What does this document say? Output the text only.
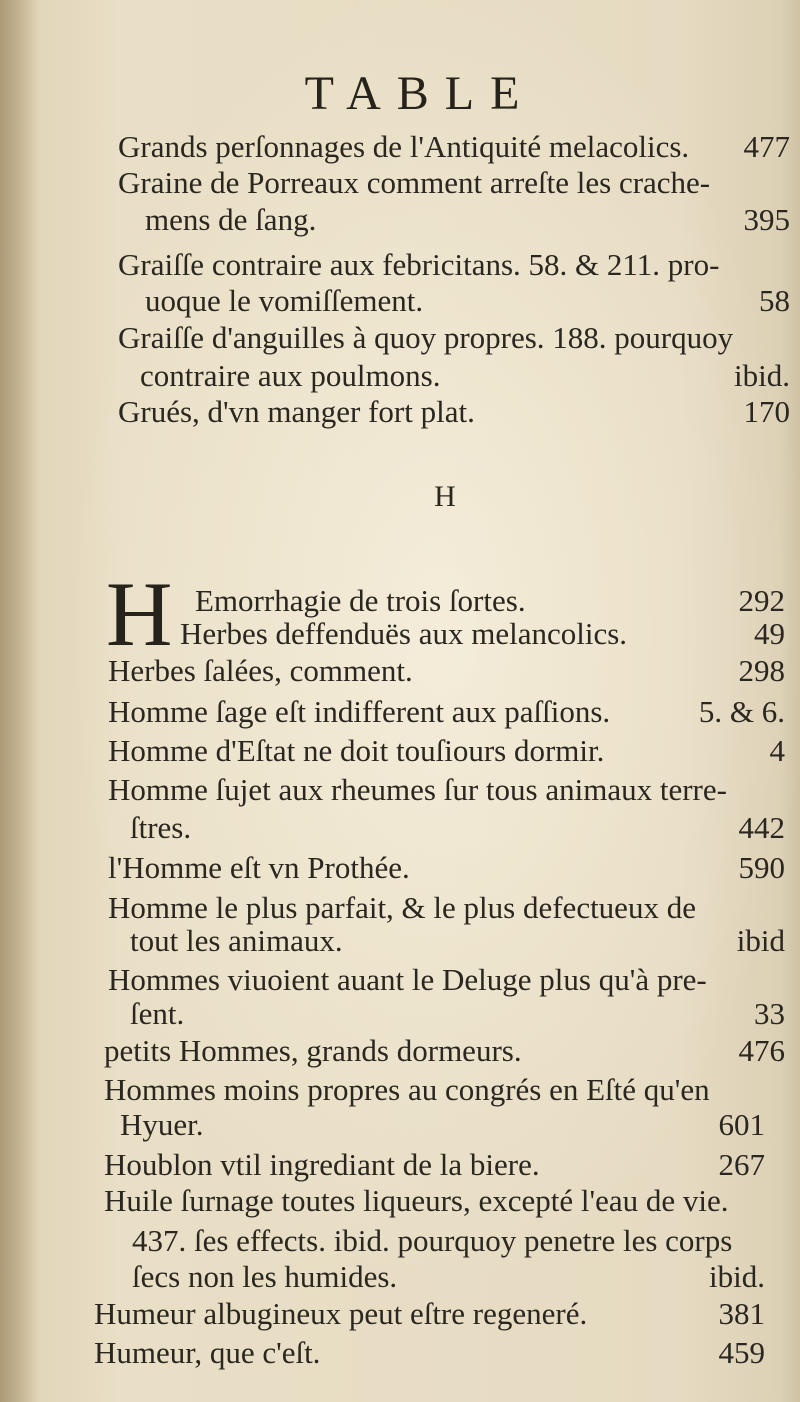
TABLE
Grands perſonnages de l'Antiquité melacolics. 477
Graine de Porreaux comment arreſte les crache-
mens de ſang.	395
Graiſſe contraire aux febricitans. 58. & 211. pro-
uoque le vomiſſement.	58
Graiſſe d'anguilles à quoy propres. 188. pourquoy
contraire aux poulmons.	ibid.
Grués, d'vn manger fort plat.	170
Emorrhagie de trois ſortes.	292
Herbes deffenduës aux melancolics.	49
Herbes ſalées, comment.	298
Homme ſage eſt indifferent aux paſſions.	5. & 6.
Homme d'Eſtat ne doit touſiours dormir.	4
Homme ſujet aux rheumes ſur tous animaux terre-
ſtres.	442
l'Homme eſt vn Prothée.	590
Homme le plus parfait, & le plus defectueux de
tout les animaux.	ibid
Hommes viuoient auant le Deluge plus qu'à pre-
ſent.	33
petits Hommes, grands dormeurs.	476
Hommes moins propres au congrés en Eſté qu'en
Hyuer.	601
Houblon vtil ingrediant de la biere.	267
Huile ſurnage toutes liqueurs, excepté l'eau de vie.
437. ſes effects. ibid. pourquoy penetre les corps
ſecs non les humides.	ibid.
Humeur albugineux peut eſtre regeneré.	381
Humeur, que c'eſt.	459
H
H
